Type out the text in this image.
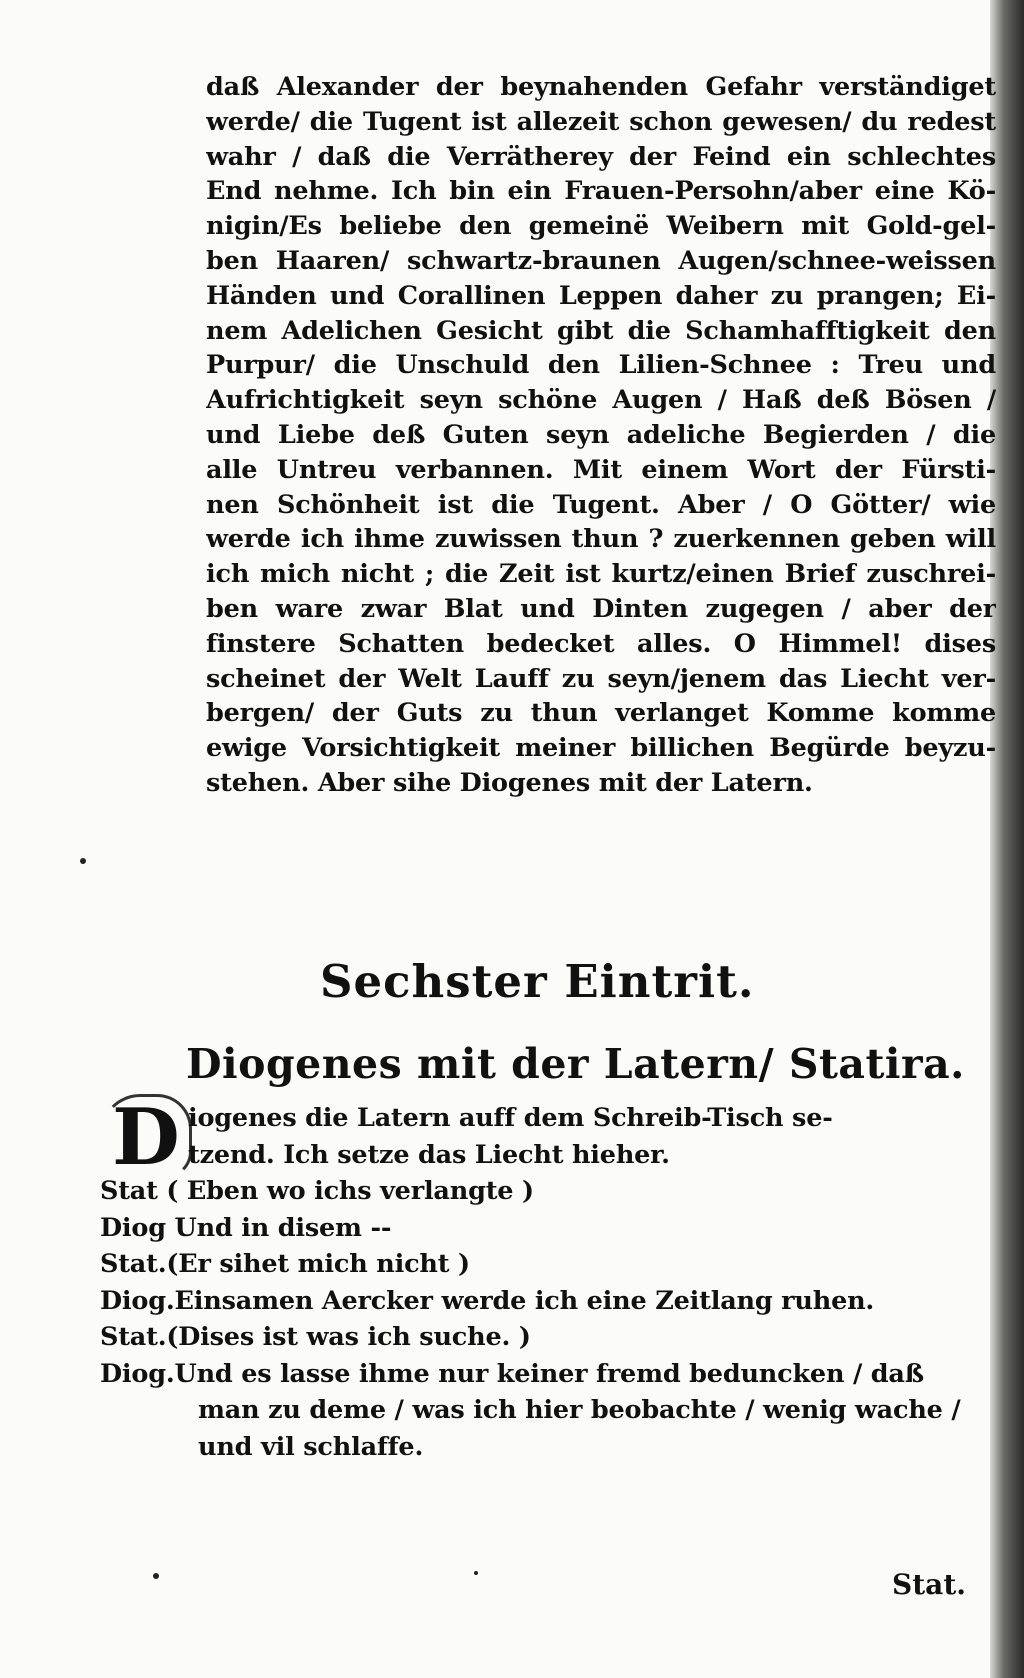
daß Alexander der beynahenden Gefahr verständiget
werde/ die Tugent ist allezeit schon gewesen/ du redest
wahr / daß die Verrätherey der Feind ein schlechtes
End nehme. Ich bin ein Frauen-Persohn/aber eine Kö-
nigin/Es beliebe den gemeinë Weibern mit Gold-gel-
ben Haaren/ schwartz-braunen Augen/schnee-weissen
Händen und Corallinen Leppen daher zu prangen; Ei-
nem Adelichen Gesicht gibt die Schamhafftigkeit den
Purpur/ die Unschuld den Lilien-Schnee : Treu und
Aufrichtigkeit seyn schöne Augen / Haß deß Bösen /
und Liebe deß Guten seyn adeliche Begierden / die
alle Untreu verbannen. Mit einem Wort der Fürsti-
nen Schönheit ist die Tugent. Aber / O Götter/ wie
werde ich ihme zuwissen thun ? zuerkennen geben will
ich mich nicht ; die Zeit ist kurtz/einen Brief zuschrei-
ben ware zwar Blat und Dinten zugegen / aber der
finstere Schatten bedecket alles. O Himmel! dises
scheinet der Welt Lauff zu seyn/jenem das Liecht ver-
bergen/ der Guts zu thun verlanget Komme komme
ewige Vorsichtigkeit meiner billichen Begürde beyzu-
stehen. Aber sihe Diogenes mit der Latern.
Sechster Eintrit.
Diogenes mit der Latern/ Statira.
D iogenes die Latern auff dem Schreib-Tisch se-
tzend. Ich setze das Liecht hieher.
Stat ( Eben wo ichs verlangte )
Diog Und in disem --
Stat.(Er sihet mich nicht )
Diog.Einsamen Aercker werde ich eine Zeitlang ruhen.
Stat.(Dises ist was ich suche. )
Diog.Und es lasse ihme nur keiner fremd beduncken / daß
man zu deme / was ich hier beobachte / wenig wache /
und vil schlaffe.
Stat.
